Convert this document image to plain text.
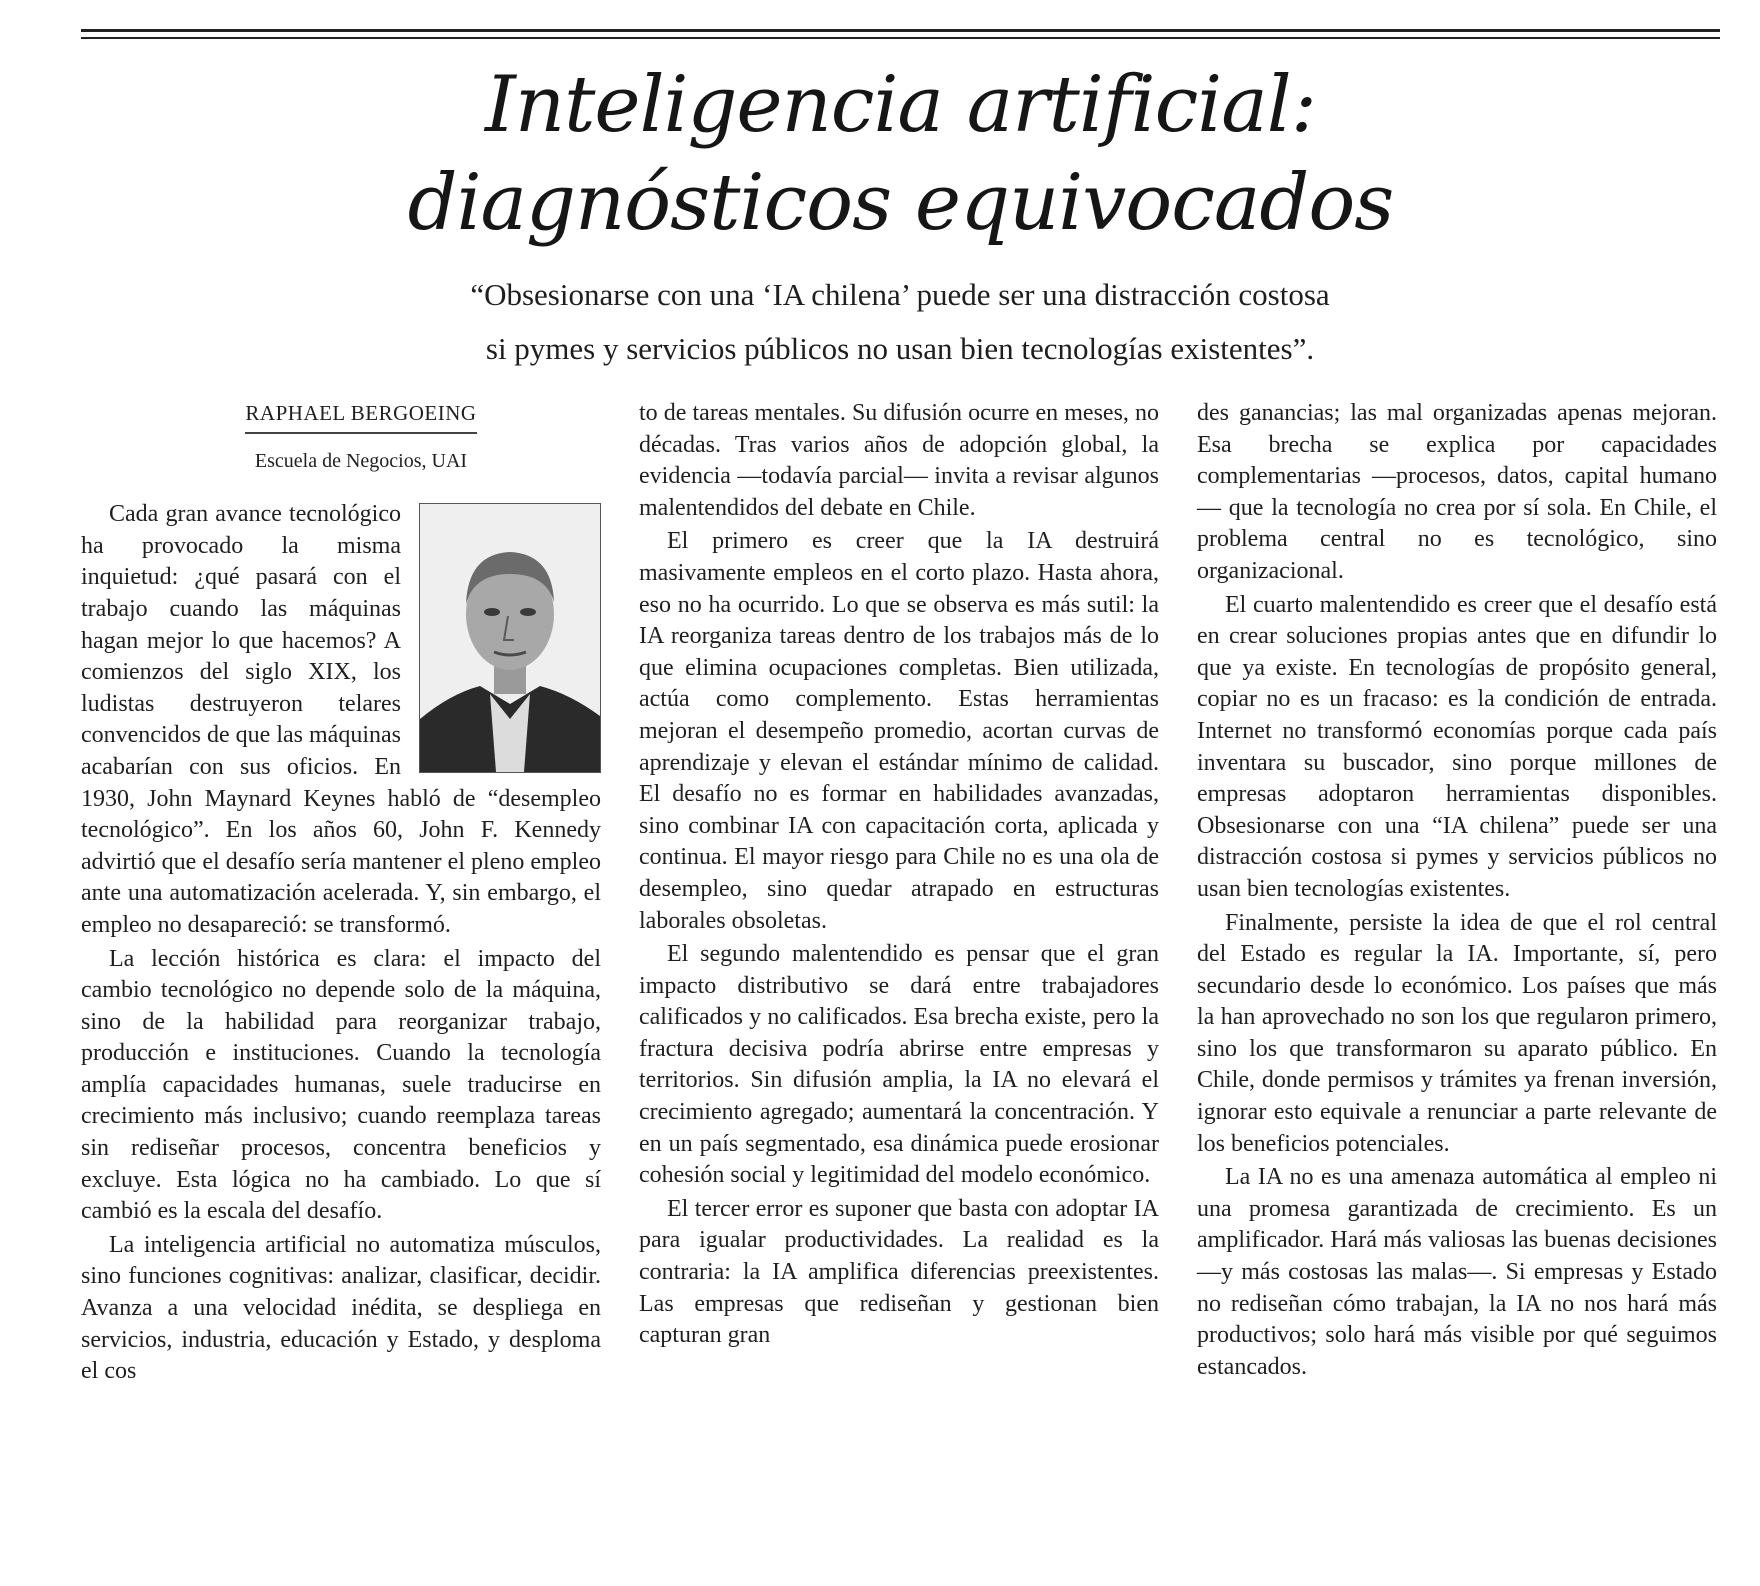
Inteligencia artificial:
diagnósticos equivocados
“Obsesionarse con una ‘IA chilena’ puede ser una distracción costosa
si pymes y servicios públicos no usan bien tecnologías existentes”.
RAPHAEL BERGOEING
Escuela de Negocios, UAI

Cada gran avance tecnológico ha provocado la misma inquietud: ¿qué pasará con el trabajo cuando las máquinas hagan mejor lo que hacemos? A comienzos del siglo XIX, los ludistas destruyeron telares convencidos de que las máquinas acabarían con sus oficios. En 1930, John Maynard Keynes habló de “desempleo tecnológico”. En los años 60, John F. Kennedy advirtió que el desafío sería mantener el pleno empleo ante una automatización acelerada. Y, sin embargo, el empleo no desapareció: se transformó.

La lección histórica es clara: el impacto del cambio tecnológico no depende solo de la máquina, sino de la habilidad para reorganizar trabajo, producción e instituciones. Cuando la tecnología amplía capacidades humanas, suele traducirse en crecimiento más inclusivo; cuando reemplaza tareas sin rediseñar procesos, concentra beneficios y excluye. Esta lógica no ha cambiado. Lo que sí cambió es la escala del desafío.

La inteligencia artificial no automatiza músculos, sino funciones cognitivas: analizar, clasificar, decidir. Avanza a una velocidad inédita, se despliega en servicios, industria, educación y Estado, y desploma el cos

to de tareas mentales. Su difusión ocurre en meses, no décadas. Tras varios años de adopción global, la evidencia —todavía parcial— invita a revisar algunos malentendidos del debate en Chile.

El primero es creer que la IA destruirá masivamente empleos en el corto plazo. Hasta ahora, eso no ha ocurrido. Lo que se observa es más sutil: la IA reorganiza tareas dentro de los trabajos más de lo que elimina ocupaciones completas. Bien utilizada, actúa como complemento. Estas herramientas mejoran el desempeño promedio, acortan curvas de aprendizaje y elevan el estándar mínimo de calidad. El desafío no es formar en habilidades avanzadas, sino combinar IA con capacitación corta, aplicada y continua. El mayor riesgo para Chile no es una ola de desempleo, sino quedar atrapado en estructuras laborales obsoletas.

El segundo malentendido es pensar que el gran impacto distributivo se dará entre trabajadores calificados y no calificados. Esa brecha existe, pero la fractura decisiva podría abrirse entre empresas y territorios. Sin difusión amplia, la IA no elevará el crecimiento agregado; aumentará la concentración. Y en un país segmentado, esa dinámica puede erosionar cohesión social y legitimidad del modelo económico.

El tercer error es suponer que basta con adoptar IA para igualar productividades. La realidad es la contraria: la IA amplifica diferencias preexistentes. Las empresas que rediseñan y gestionan bien capturan gran

des ganancias; las mal organizadas apenas mejoran. Esa brecha se explica por capacidades complementarias —procesos, datos, capital humano— que la tecnología no crea por sí sola. En Chile, el problema central no es tecnológico, sino organizacional.

El cuarto malentendido es creer que el desafío está en crear soluciones propias antes que en difundir lo que ya existe. En tecnologías de propósito general, copiar no es un fracaso: es la condición de entrada. Internet no transformó economías porque cada país inventara su buscador, sino porque millones de empresas adoptaron herramientas disponibles. Obsesionarse con una “IA chilena” puede ser una distracción costosa si pymes y servicios públicos no usan bien tecnologías existentes.

Finalmente, persiste la idea de que el rol central del Estado es regular la IA. Importante, sí, pero secundario desde lo económico. Los países que más la han aprovechado no son los que regularon primero, sino los que transformaron su aparato público. En Chile, donde permisos y trámites ya frenan inversión, ignorar esto equivale a renunciar a parte relevante de los beneficios potenciales.

La IA no es una amenaza automática al empleo ni una promesa garantizada de crecimiento. Es un amplificador. Hará más valiosas las buenas decisiones —y más costosas las malas—. Si empresas y Estado no rediseñan cómo trabajan, la IA no nos hará más productivos; solo hará más visible por qué seguimos estancados.
